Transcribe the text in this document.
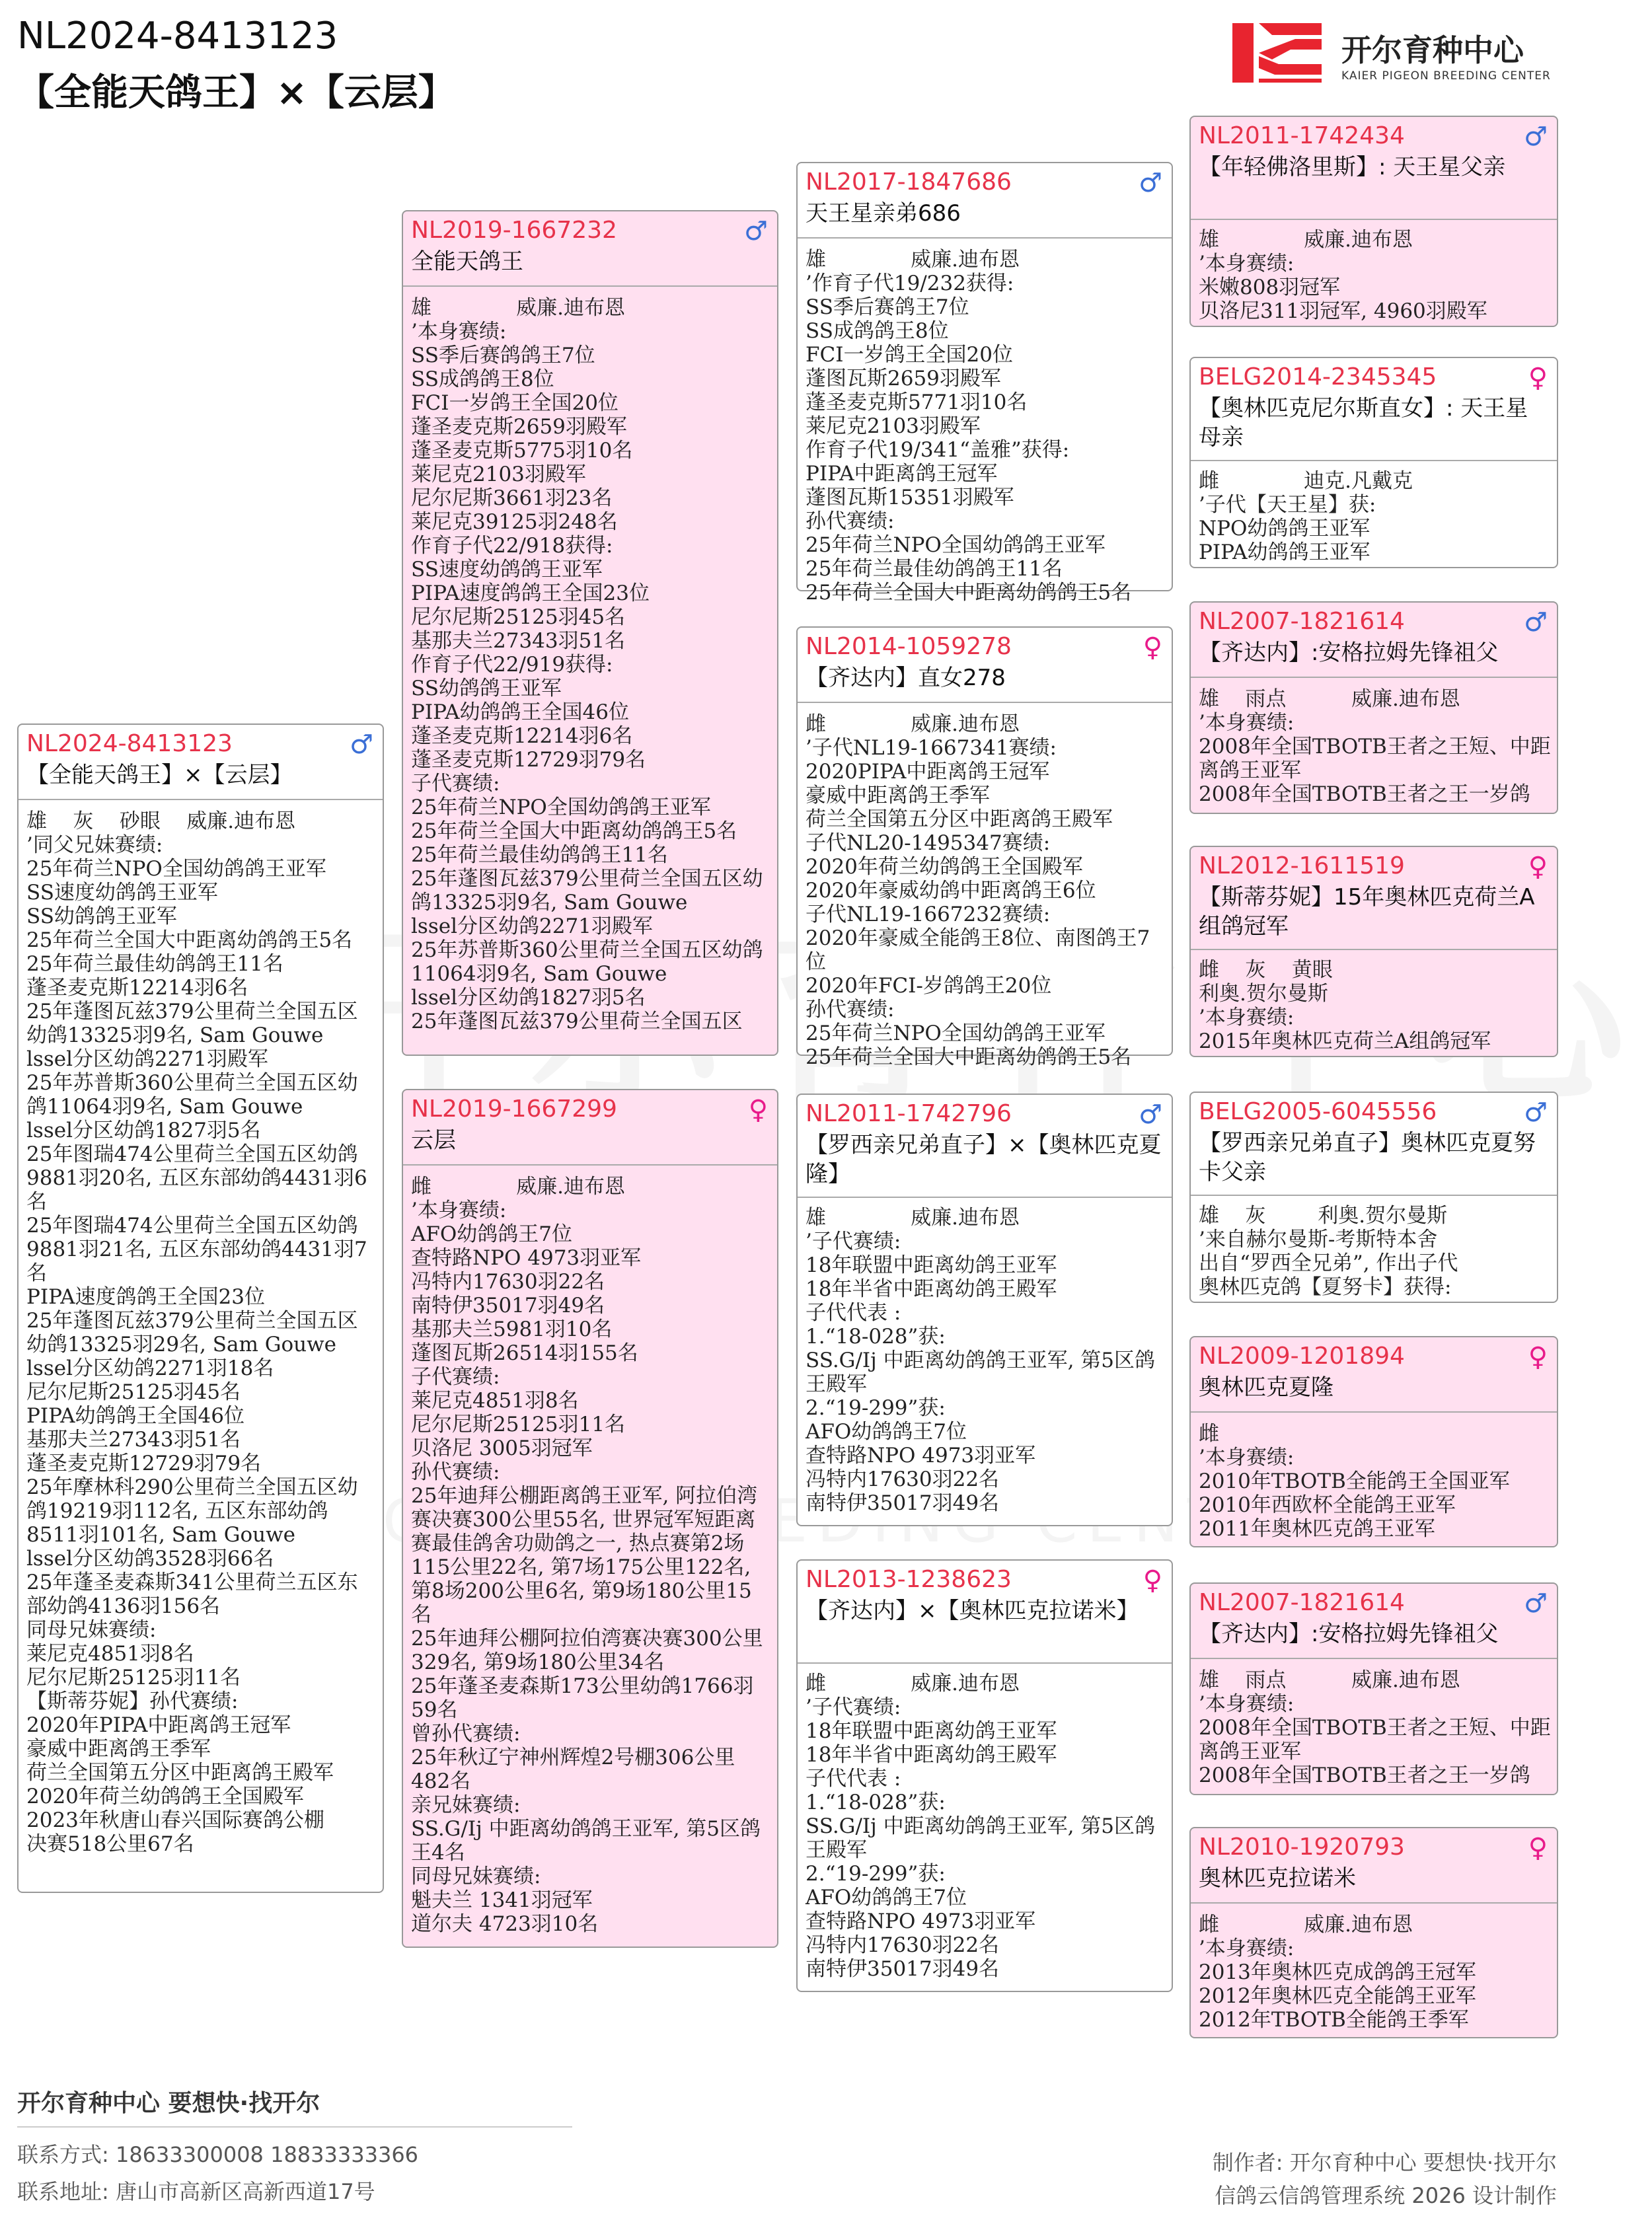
NL2024-8413123
【全能天鸽王】×【云层】
开尔育种中心
KAIER PIGEON BREEDING CENTER
NL2024-8413123	♂
【全能天鸽王】×【云层】
雄    灰    砂眼    威廉.迪布恩
’同父兄妹赛绩:
25年荷兰NPO全国幼鸽鸽王亚军
SS速度幼鸽鸽王亚军
SS幼鸽鸽王亚军
25年荷兰全国大中距离幼鸽鸽王5名
25年荷兰最佳幼鸽鸽王11名
蓬圣麦克斯12214羽6名
25年蓬图瓦兹379公里荷兰全国五区幼鸽13325羽9名, Sam Gouwe
lssel分区幼鸽2271羽殿军
25年苏普斯360公里荷兰全国五区幼鸽11064羽9名, Sam Gouwe
lssel分区幼鸽1827羽5名
25年图瑞474公里荷兰全国五区幼鸽9881羽20名, 五区东部幼鸽4431羽6名
25年图瑞474公里荷兰全国五区幼鸽9881羽21名, 五区东部幼鸽4431羽7名
PIPA速度鸽鸽王全国23位
25年蓬图瓦兹379公里荷兰全国五区幼鸽13325羽29名, Sam Gouwe
lssel分区幼鸽2271羽18名
尼尔尼斯25125羽45名
PIPA幼鸽鸽王全国46位
基那夫兰27343羽51名
蓬圣麦克斯12729羽79名
25年摩林科290公里荷兰全国五区幼鸽19219羽112名, 五区东部幼鸽8511羽101名, Sam Gouwe
lssel分区幼鸽3528羽66名
25年蓬圣麦森斯341公里荷兰五区东部幼鸽4136羽156名
同母兄妹赛绩:
莱尼克4851羽8名
尼尔尼斯25125羽11名
【斯蒂芬妮】孙代赛绩:
2020年PIPA中距离鸽王冠军
豪威中距离鸽王季军
荷兰全国第五分区中距离鸽王殿军
2020年荷兰幼鸽鸽王全国殿军
2023年秋唐山春兴国际赛鸽公棚
决赛518公里67名
NL2019-1667232	♂
全能天鸽王
雄             威廉.迪布恩
’本身赛绩:
SS季后赛鸽鸽王7位
SS成鸽鸽王8位
FCI一岁鸽王全国20位
蓬圣麦克斯2659羽殿军
蓬圣麦克斯5775羽10名
莱尼克2103羽殿军
尼尔尼斯3661羽23名
莱尼克39125羽248名
作育子代22/918获得:
SS速度幼鸽鸽王亚军
PIPA速度鸽鸽王全国23位
尼尔尼斯25125羽45名
基那夫兰27343羽51名
作育子代22/919获得:
SS幼鸽鸽王亚军
PIPA幼鸽鸽王全国46位
蓬圣麦克斯12214羽6名
蓬圣麦克斯12729羽79名
子代赛绩:
25年荷兰NPO全国幼鸽鸽王亚军
25年荷兰全国大中距离幼鸽鸽王5名
25年荷兰最佳幼鸽鸽王11名
25年蓬图瓦兹379公里荷兰全国五区幼鸽13325羽9名, Sam Gouwe
lssel分区幼鸽2271羽殿军
25年苏普斯360公里荷兰全国五区幼鸽11064羽9名, Sam Gouwe
lssel分区幼鸽1827羽5名
25年蓬图瓦兹379公里荷兰全国五区
NL2019-1667299	♀
云层
雌             威廉.迪布恩
’本身赛绩:
AFO幼鸽鸽王7位
查特路NPO 4973羽亚军
冯特内17630羽22名
南特伊35017羽49名
基那夫兰5981羽10名
蓬图瓦斯26514羽155名
子代赛绩:
莱尼克4851羽8名
尼尔尼斯25125羽11名
贝洛尼 3005羽冠军
孙代赛绩:
25年迪拜公棚距离鸽王亚军, 阿拉伯湾赛决赛300公里55名, 世界冠军短距离赛最佳鸽舍功勋鸽之一, 热点赛第2场115公里22名, 第7场175公里122名, 第8场200公里6名, 第9场180公里15名
25年迪拜公棚阿拉伯湾赛决赛300公里329名, 第9场180公里34名
25年蓬圣麦森斯173公里幼鸽1766羽59名
曾孙代赛绩:
25年秋辽宁神州辉煌2号棚306公里482名
亲兄妹赛绩:
SS.G/Ij 中距离幼鸽鸽王亚军, 第5区鸽王4名
同母兄妹赛绩:
魁夫兰 1341羽冠军
道尔夫 4723羽10名
NL2017-1847686	♂
天王星亲弟686
雄             威廉.迪布恩
’作育子代19/232获得:
SS季后赛鸽王7位
SS成鸽鸽王8位
FCI一岁鸽王全国20位
蓬图瓦斯2659羽殿军
蓬圣麦克斯5771羽10名
莱尼克2103羽殿军
作育子代19/341“盖雅”获得:
PIPA中距离鸽王冠军
蓬图瓦斯15351羽殿军
孙代赛绩:
25年荷兰NPO全国幼鸽鸽王亚军
25年荷兰最佳幼鸽鸽王11名
25年荷兰全国大中距离幼鸽鸽王5名
NL2014-1059278	♀
【齐达内】直女278
雌             威廉.迪布恩
’子代NL19-1667341赛绩:
2020PIPA中距离鸽王冠军
豪威中距离鸽王季军
荷兰全国第五分区中距离鸽王殿军
子代NL20-1495347赛绩:
2020年荷兰幼鸽鸽王全国殿军
2020年豪威幼鸽中距离鸽王6位
子代NL19-1667232赛绩:
2020年豪威全能鸽王8位、南图鸽王7位
2020年FCI-岁鸽鸽王20位
孙代赛绩:
25年荷兰NPO全国幼鸽鸽王亚军
25年荷兰全国大中距离幼鸽鸽王5名
NL2011-1742796	♂
【罗西亲兄弟直子】×【奥林匹克夏隆】
雄             威廉.迪布恩
’子代赛绩:
18年联盟中距离幼鸽王亚军
18年半省中距离幼鸽王殿军
子代代表 :
1.“18-028”获:
SS.G/Ij 中距离幼鸽鸽王亚军, 第5区鸽王殿军
2.“19-299”获:
AFO幼鸽鸽王7位
查特路NPO 4973羽亚军
冯特内17630羽22名
南特伊35017羽49名
NL2013-1238623	♀
【齐达内】×【奥林匹克拉诺米】
雌             威廉.迪布恩
’子代赛绩:
18年联盟中距离幼鸽王亚军
18年半省中距离幼鸽王殿军
子代代表 :
1.“18-028”获:
SS.G/Ij 中距离幼鸽鸽王亚军, 第5区鸽王殿军
2.“19-299”获:
AFO幼鸽鸽王7位
查特路NPO 4973羽亚军
冯特内17630羽22名
南特伊35017羽49名
NL2011-1742434	♂
【年轻佛洛里斯】: 天王星父亲
雄             威廉.迪布恩
’本身赛绩:
米嫩808羽冠军
贝洛尼311羽冠军, 4960羽殿军
BELG2014-2345345	♀
【奥林匹克尼尔斯直女】: 天王星母亲
雌             迪克.凡戴克
’子代【天王星】获:
NPO幼鸽鸽王亚军
PIPA幼鸽鸽王亚军
NL2007-1821614	♂
【齐达内】:安格拉姆先锋祖父
雄    雨点          威廉.迪布恩
’本身赛绩:
2008年全国TBOTB王者之王短、中距离鸽王亚军
2008年全国TBOTB王者之王一岁鸽
NL2012-1611519	♀
【斯蒂芬妮】15年奥林匹克荷兰A组鸽冠军
雌    灰    黄眼
利奥.贺尔曼斯
’本身赛绩:
2015年奥林匹克荷兰A组鸽冠军
BELG2005-6045556	♂
【罗西亲兄弟直子】奥林匹克夏努卡父亲
雄    灰        利奥.贺尔曼斯
’来自赫尔曼斯-考斯特本舍
出自“罗西全兄弟”, 作出子代
奥林匹克鸽【夏努卡】获得:
NL2009-1201894	♀
奥林匹克夏隆
雌
’本身赛绩:
2010年TBOTB全能鸽王全国亚军
2010年西欧杯全能鸽王亚军
2011年奥林匹克鸽王亚军
NL2007-1821614	♂
【齐达内】:安格拉姆先锋祖父
雄    雨点          威廉.迪布恩
’本身赛绩:
2008年全国TBOTB王者之王短、中距离鸽王亚军
2008年全国TBOTB王者之王一岁鸽
NL2010-1920793	♀
奥林匹克拉诺米
雌             威廉.迪布恩
’本身赛绩:
2013年奥林匹克成鸽鸽王冠军
2012年奥林匹克全能鸽王亚军
2012年TBOTB全能鸽王季军
开尔育种中心 要想快·找开尔
联系方式: 18633300008 18833333366
联系地址: 唐山市高新区高新西道17号
制作者: 开尔育种中心 要想快·找开尔
信鸽云信鸽管理系统 2026 设计制作
